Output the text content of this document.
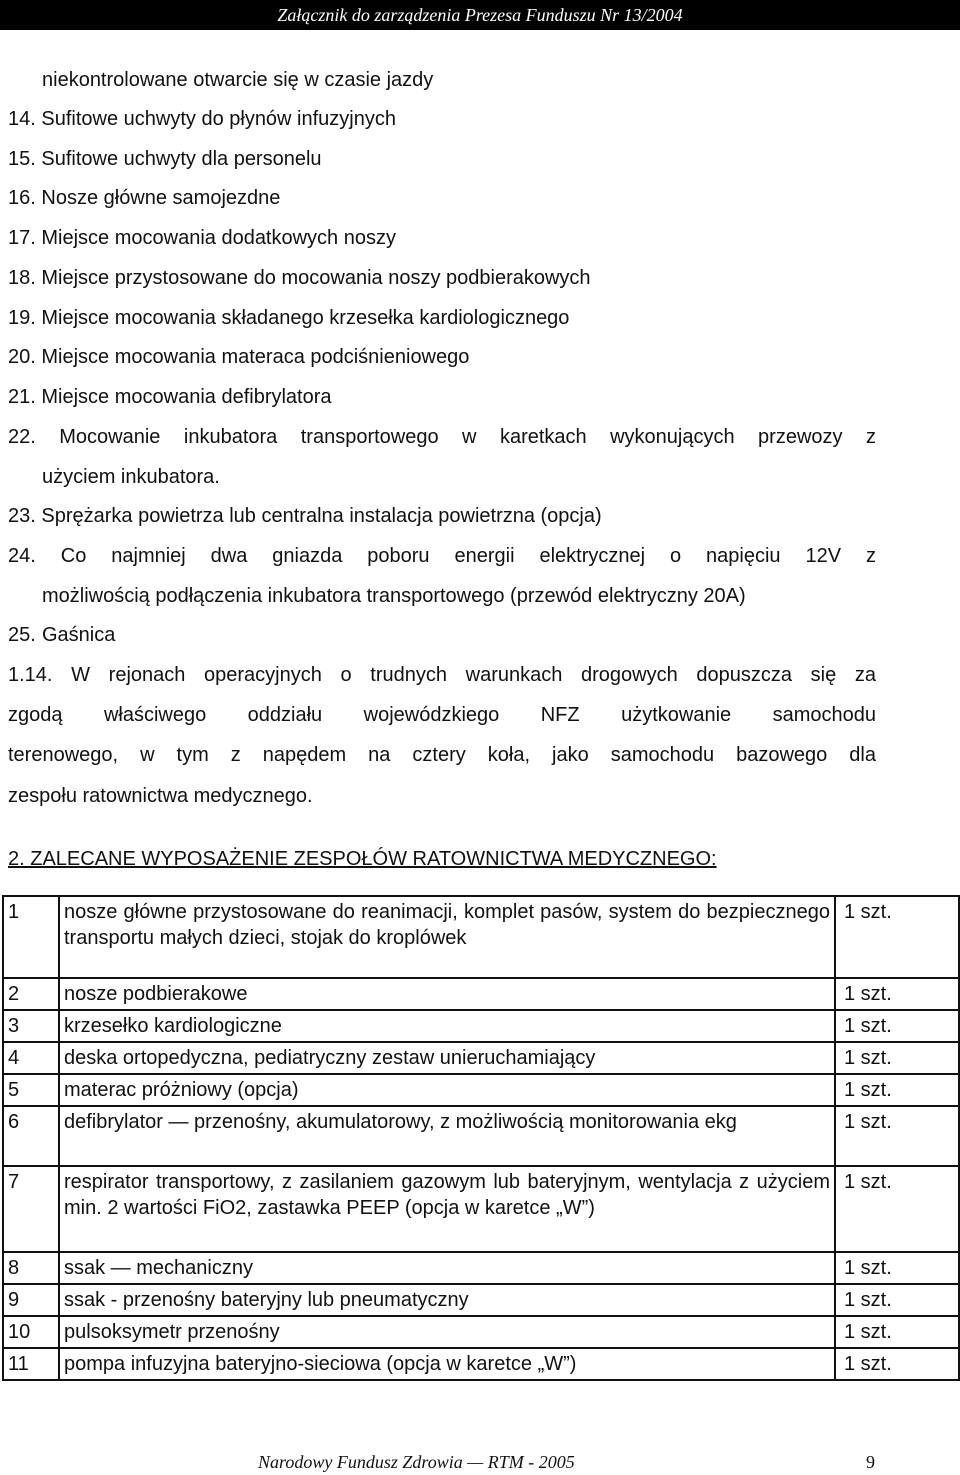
Załącznik do zarządzenia Prezesa Funduszu Nr 13/2004
niekontrolowane otwarcie się w czasie jazdy
14. Sufitowe uchwyty do płynów infuzyjnych
15. Sufitowe uchwyty dla personelu
16. Nosze główne samojezdne
17. Miejsce mocowania dodatkowych noszy
18. Miejsce przystosowane do mocowania noszy podbierakowych
19. Miejsce mocowania składanego krzesełka kardiologicznego
20. Miejsce mocowania materaca podciśnieniowego
21. Miejsce mocowania defibrylatora
22. Mocowanie inkubatora transportowego w karetkach wykonujących przewozy z
użyciem inkubatora.
23. Sprężarka powietrza lub centralna instalacja powietrzna (opcja)
24. Co najmniej dwa gniazda poboru energii elektrycznej o napięciu 12V z
możliwością podłączenia inkubatora transportowego (przewód elektryczny 20A)
25. Gaśnica
1.14. W rejonach operacyjnych o trudnych warunkach drogowych dopuszcza się za
zgodą właściwego oddziału wojewódzkiego NFZ użytkowanie samochodu
terenowego, w tym z napędem na cztery koła, jako samochodu bazowego dla
zespołu ratownictwa medycznego.
2. ZALECANE WYPOSAŻENIE ZESPOŁÓW RATOWNICTWA MEDYCZNEGO:
1	nosze główne przystosowane do reanimacji, komplet pasów, system do bezpiecznego transportu małych dzieci, stojak do kroplówek	1 szt.
2	nosze podbierakowe	1 szt.
3	krzesełko kardiologiczne	1 szt.
4	deska ortopedyczna, pediatryczny zestaw unieruchamiający	1 szt.
5	materac próżniowy (opcja)	1 szt.
6	defibrylator — przenośny, akumulatorowy, z możliwością monitorowania ekg	1 szt.
7	respirator transportowy, z zasilaniem gazowym lub bateryjnym, wentylacja z użyciem min. 2 wartości FiO2, zastawka PEEP (opcja w karetce „W”)	1 szt.
8	ssak — mechaniczny	1 szt.
9	ssak - przenośny bateryjny lub pneumatyczny	1 szt.
10	pulsoksymetr przenośny	1 szt.
11	pompa infuzyjna bateryjno-sieciowa (opcja w karetce „W”)	1 szt.
Narodowy Fundusz Zdrowia — RTM - 2005	9
